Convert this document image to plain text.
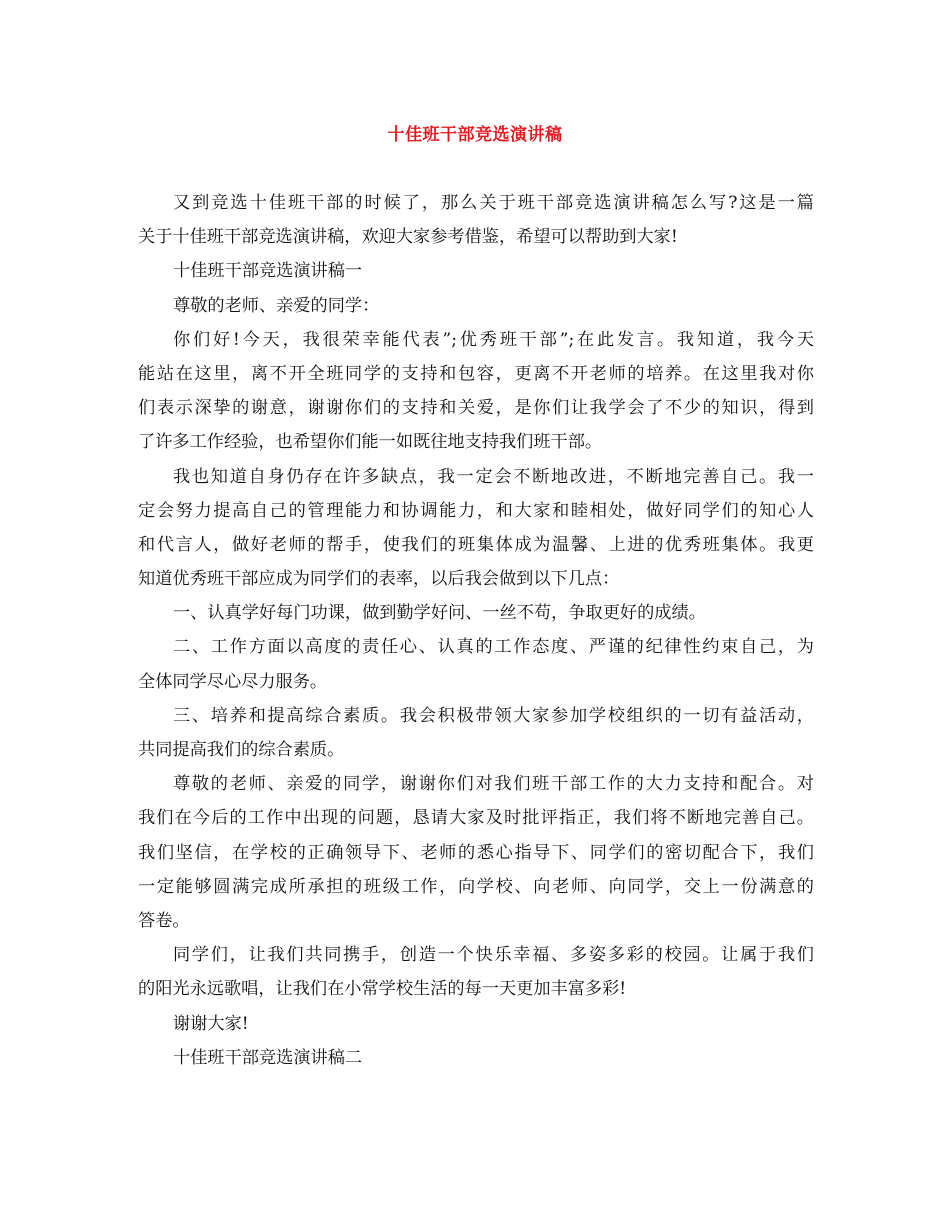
十佳班干部竞选演讲稿
又到竞选十佳班干部的时候了，那么关于班干部竞选演讲稿怎么写?这是一篇
关于十佳班干部竞选演讲稿，欢迎大家参考借鉴，希望可以帮助到大家!
十佳班干部竞选演讲稿一
尊敬的老师、亲爱的同学：
你们好!今天，我很荣幸能代表”;优秀班干部”;在此发言。我知道，我今天
能站在这里，离不开全班同学的支持和包容，更离不开老师的培养。在这里我对你
们表示深挚的谢意，谢谢你们的支持和关爱，是你们让我学会了不少的知识，得到
了许多工作经验，也希望你们能一如既往地支持我们班干部。
我也知道自身仍存在许多缺点，我一定会不断地改进，不断地完善自己。我一
定会努力提高自己的管理能力和协调能力，和大家和睦相处，做好同学们的知心人
和代言人，做好老师的帮手，使我们的班集体成为温馨、上进的优秀班集体。我更
知道优秀班干部应成为同学们的表率，以后我会做到以下几点：
一、认真学好每门功课，做到勤学好问、一丝不苟，争取更好的成绩。
二、工作方面以高度的责任心、认真的工作态度、严谨的纪律性约束自己，为
全体同学尽心尽力服务。
三、培养和提高综合素质。我会积极带领大家参加学校组织的一切有益活动，
共同提高我们的综合素质。
尊敬的老师、亲爱的同学，谢谢你们对我们班干部工作的大力支持和配合。对
我们在今后的工作中出现的问题，恳请大家及时批评指正，我们将不断地完善自己。
我们坚信，在学校的正确领导下、老师的悉心指导下、同学们的密切配合下，我们
一定能够圆满完成所承担的班级工作，向学校、向老师、向同学，交上一份满意的
答卷。
同学们，让我们共同携手，创造一个快乐幸福、多姿多彩的校园。让属于我们
的阳光永远歌唱，让我们在小常学校生活的每一天更加丰富多彩!
谢谢大家!
十佳班干部竞选演讲稿二
